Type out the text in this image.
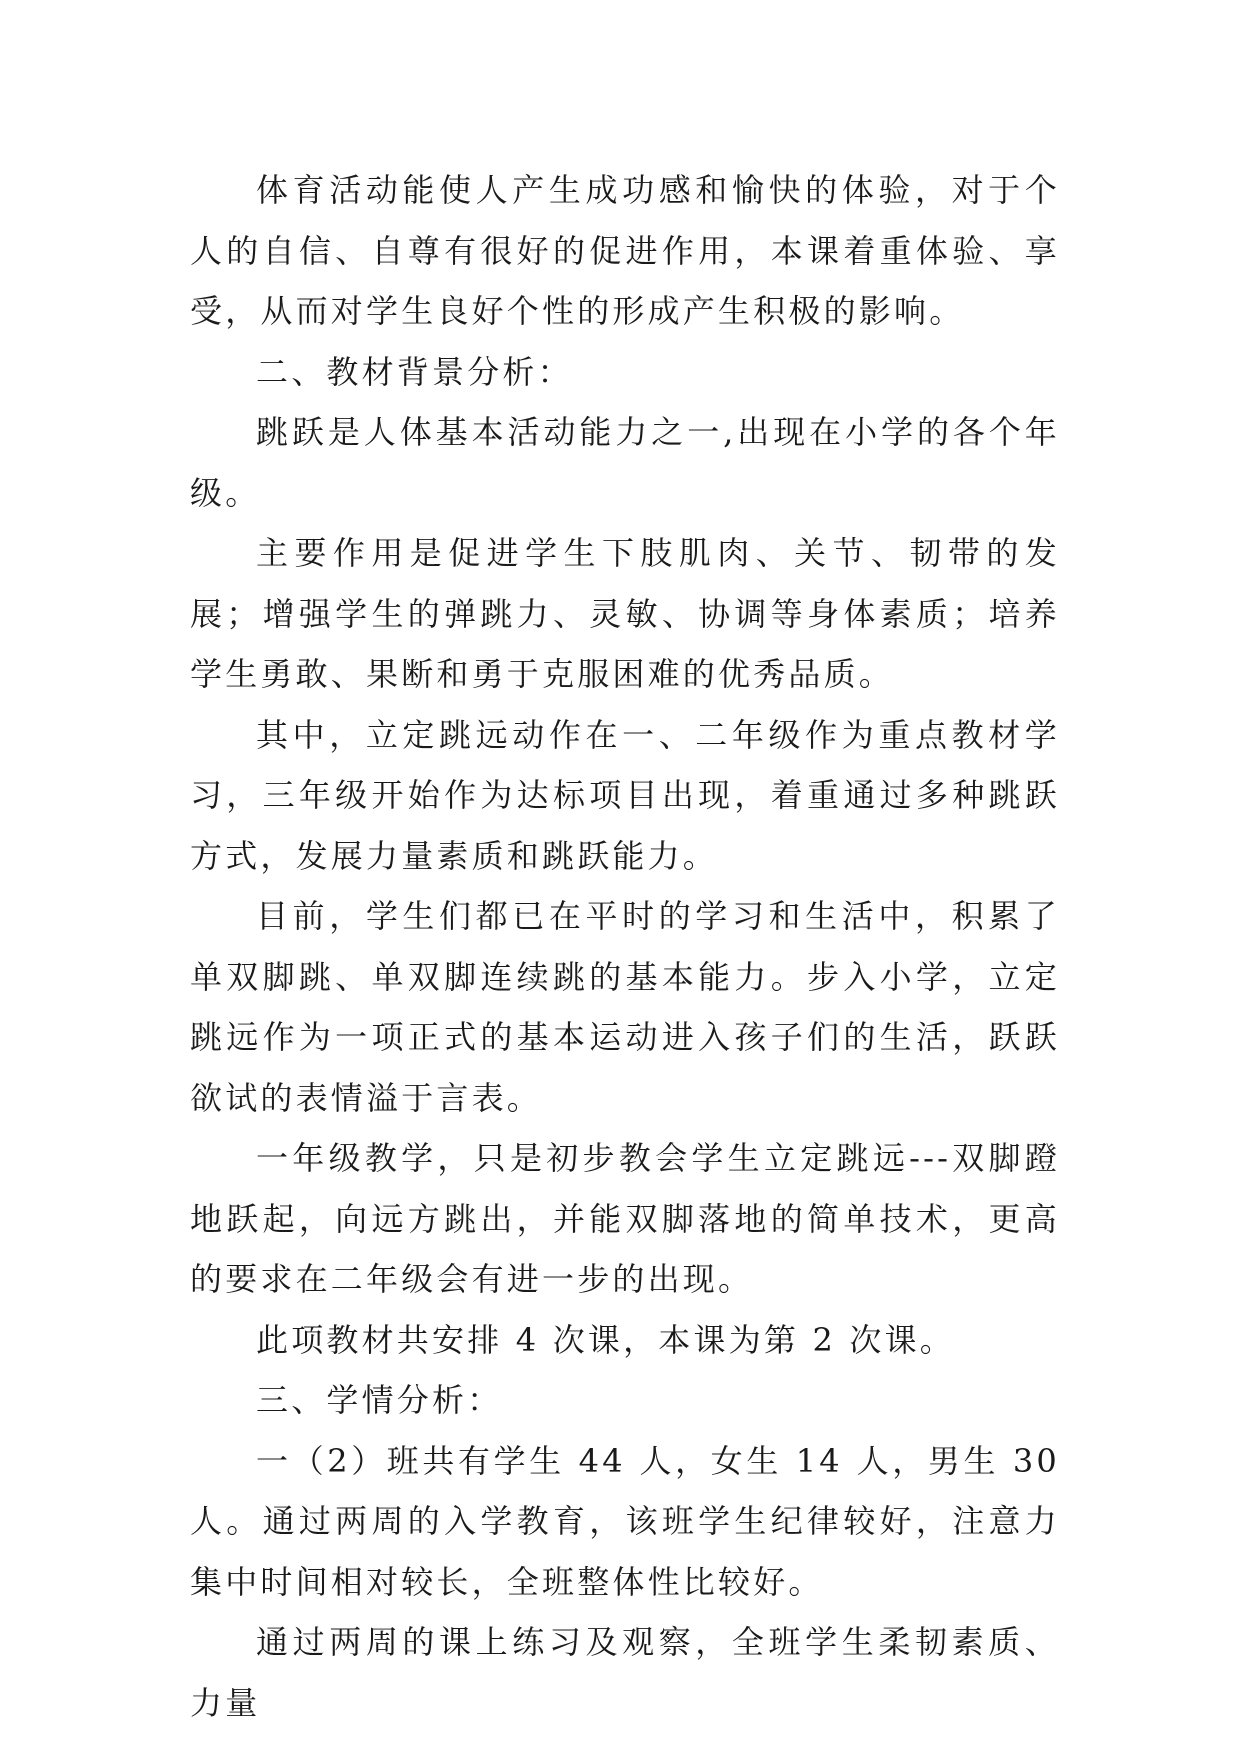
体育活动能使人产生成功感和愉快的体验，对于个人的自信、自尊有很好的促进作用，本课着重体验、享受，从而对学生良好个性的形成产生积极的影响。

二、教材背景分析：

跳跃是人体基本活动能力之一,出现在小学的各个年级。

主要作用是促进学生下肢肌肉、关节、韧带的发展；增强学生的弹跳力、灵敏、协调等身体素质；培养学生勇敢、果断和勇于克服困难的优秀品质。

其中，立定跳远动作在一、二年级作为重点教材学习，三年级开始作为达标项目出现，着重通过多种跳跃方式，发展力量素质和跳跃能力。

目前，学生们都已在平时的学习和生活中，积累了单双脚跳、单双脚连续跳的基本能力。步入小学，立定跳远作为一项正式的基本运动进入孩子们的生活，跃跃欲试的表情溢于言表。

一年级教学，只是初步教会学生立定跳远---双脚蹬地跃起，向远方跳出，并能双脚落地的简单技术，更高的要求在二年级会有进一步的出现。

此项教材共安排 4 次课，本课为第 2 次课。

三、学情分析：

一（2）班共有学生 44 人，女生 14 人，男生 30 人。通过两周的入学教育，该班学生纪律较好，注意力集中时间相对较长，全班整体性比较好。

通过两周的课上练习及观察，全班学生柔韧素质、力量
